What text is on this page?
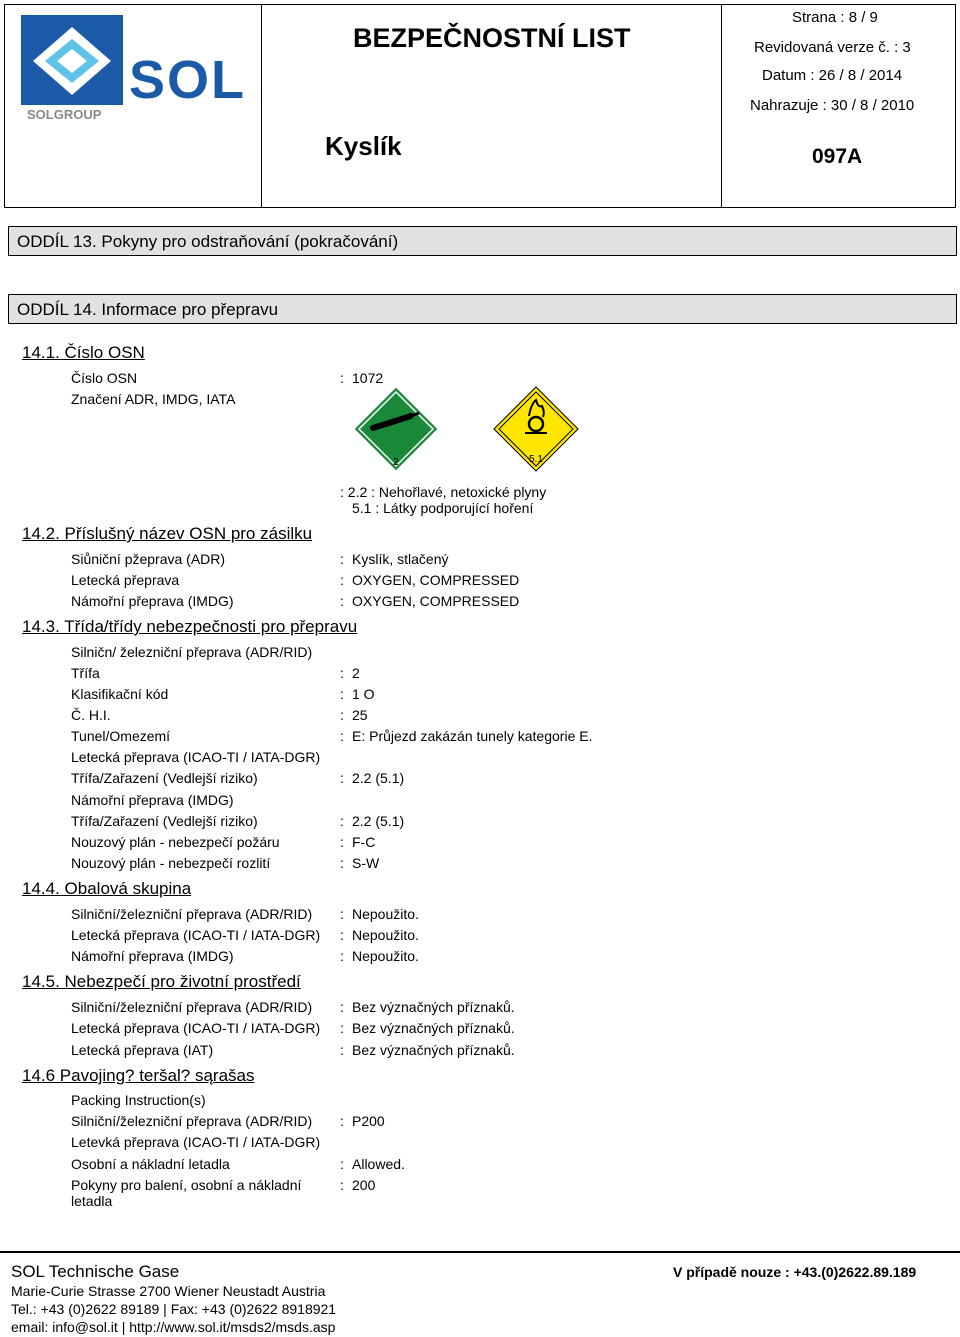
SOL
SOLGROUP
BEZPEČNOSTNÍ LIST
Kyslík
Strana : 8 / 9
Revidovaná verze č. : 3
Datum : 26 / 8 / 2014
Nahrazuje : 30 / 8 / 2010
097A
ODDÍL 13. Pokyny pro odstraňování (pokračování)
ODDÍL 14. Informace pro přepravu
14.1. Číslo OSN
Číslo OSN	: 1072
Značení ADR, IMDG, IATA
2	5.1
: 2.2 : Nehořlavé, netoxické plyny
5.1 : Látky podporující hoření
14.2. Příslušný název OSN pro zásilku
Siůniční pžeprava (ADR)	: Kyslík, stlačený
Letecká přeprava	: OXYGEN, COMPRESSED
Námořní přeprava (IMDG)	: OXYGEN, COMPRESSED
14.3. Třída/třídy nebezpečnosti pro přepravu
Silničn/ železniční přeprava (ADR/RID)
Třífa	: 2
Klasifikační kód	: 1 O
Č. H.I.	: 25
Tunel/Omezemí	: E: Průjezd zakázán tunely kategorie E.
Letecká přeprava (ICAO-TI / IATA-DGR)
Třífa/Zařazení (Vedlejší riziko)	: 2.2 (5.1)
Námořní přeprava (IMDG)
Třífa/Zařazení (Vedlejší riziko)	: 2.2 (5.1)
Nouzový plán - nebezpečí požáru	: F-C
Nouzový plán - nebezpečí rozlití	: S-W
14.4. Obalová skupina
Silniční/železniční přeprava (ADR/RID) : Nepoužito.
Letecká přeprava (ICAO-TI / IATA-DGR) : Nepoužito.
Námořní přeprava (IMDG)	: Nepoužito.
14.5. Nebezpečí pro životní prostředí
Silniční/železniční přeprava (ADR/RID) : Bez význačných příznaků.
Letecká přeprava (ICAO-TI / IATA-DGR) : Bez význačných příznaků.
Letecká přeprava (IAT)	: Bez význačných příznaků.
14.6 Pavojing? teršal? sąrašas
Packing Instruction(s)
Silniční/železniční přeprava (ADR/RID) : P200
Letevká přeprava (ICAO-TI / IATA-DGR)
Osobní a nákladní letadla	: Allowed.
Pokyny pro balení, osobní a nákladní
letadla
: 200
SOL Technische Gase
Marie-Curie Strasse 2700 Wiener Neustadt Austria
Tel.: +43 (0)2622 89189 | Fax: +43 (0)2622 8918921
email: info@sol.it | http://www.sol.it/msds2/msds.asp
V případě nouze : +43.(0)2622.89.189
